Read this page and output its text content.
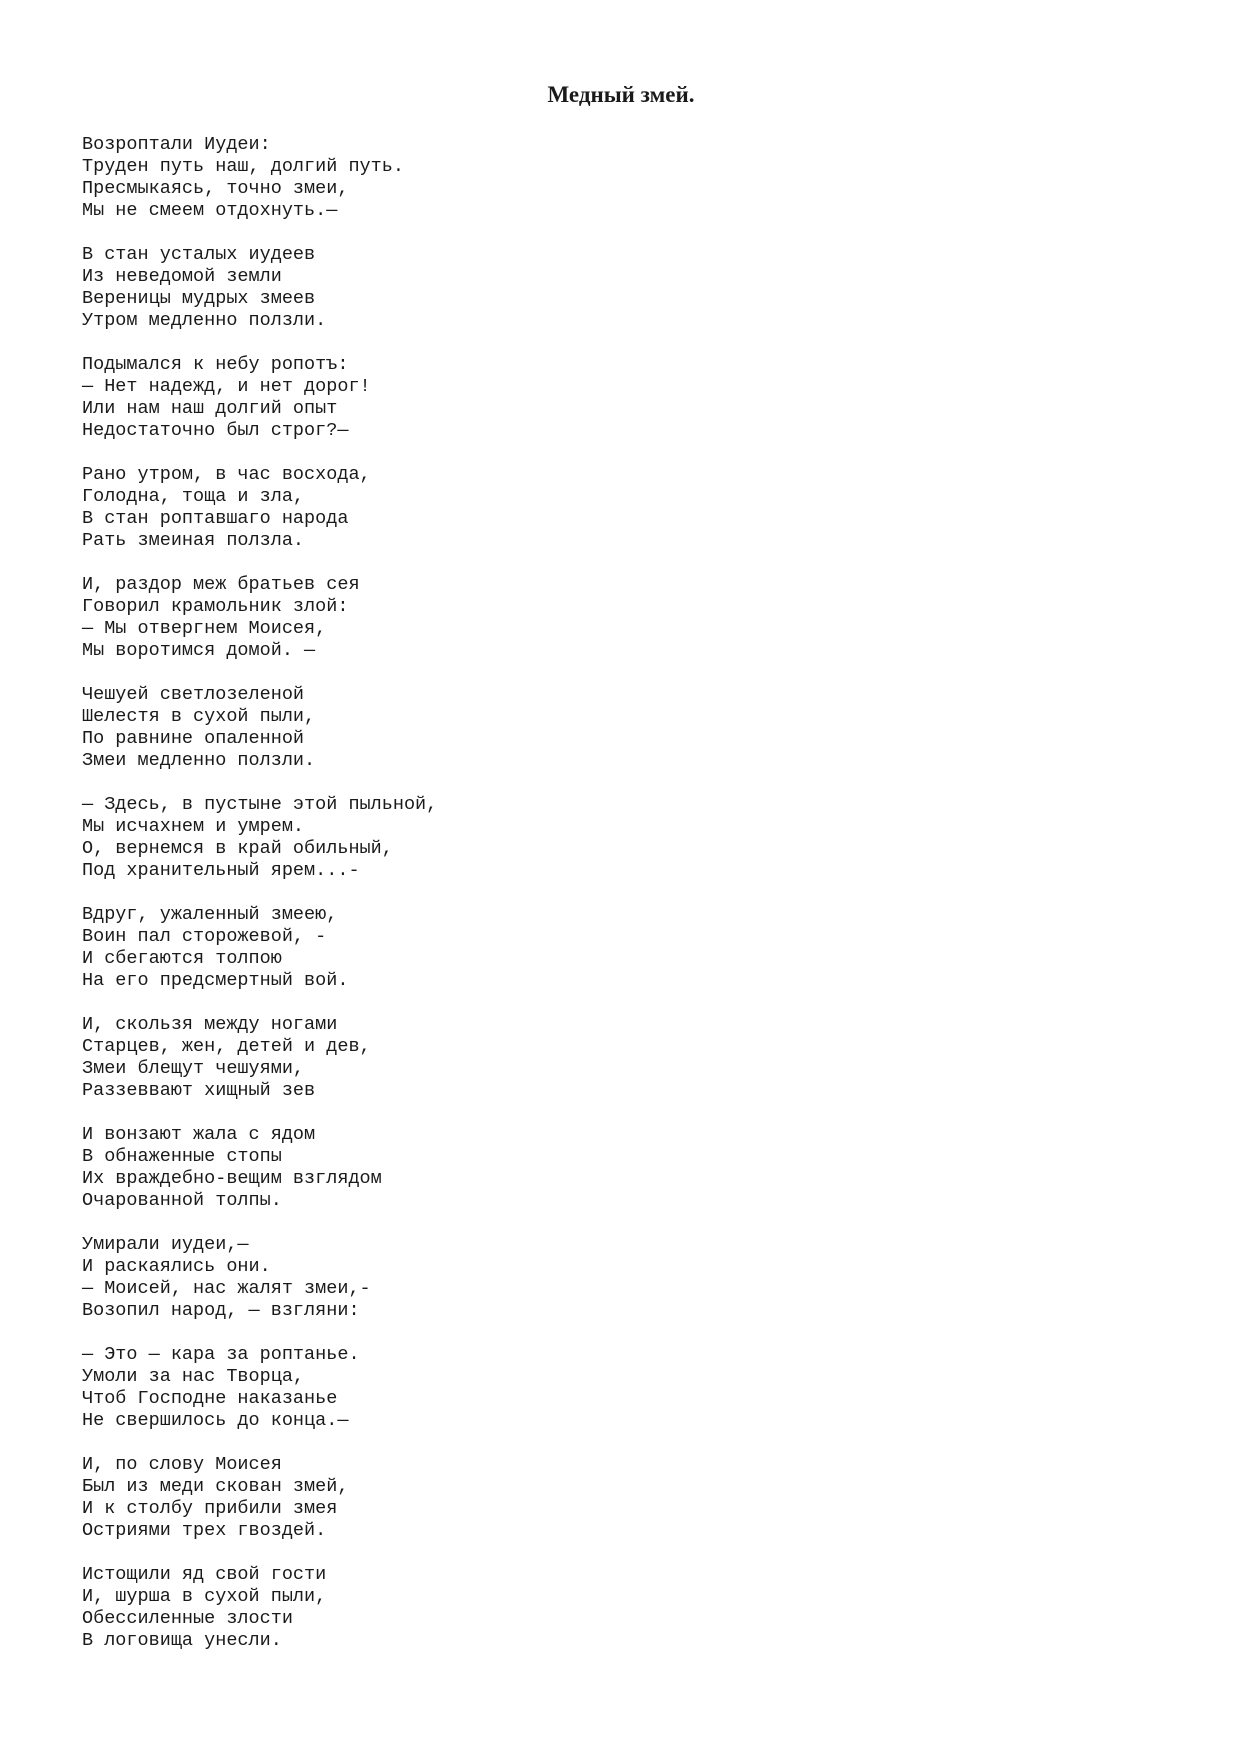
Медный змей.
Возроптали Иудеи:
Труден путь наш, долгий путь.
Пресмыкаясь, точно змеи,
Мы не смеем отдохнуть.—
В стан усталых иудеев
Из неведомой земли
Вереницы мудрых змеев
Утром медленно ползли.
Подымался к небу ропотъ:
— Нет надежд, и нет дорог!
Или нам наш долгий опыт
Недостаточно был строг?—
Рано утром, в час восхода,
Голодна, тоща и зла,
В стан роптавшаго народа
Рать змеиная ползла.
И, раздор меж братьев сея
Говорил крамольник злой:
— Мы отвергнем Моисея,
Мы воротимся домой. —
Чешуей светлозеленой
Шелестя в сухой пыли,
По равнине опаленной
Змеи медленно ползли.
— Здесь, в пустыне этой пыльной,
Мы исчахнем и умрем.
О, вернемся в край обильный,
Под хранительный ярем...-
Вдруг, ужаленный змеею,
Воин пал сторожевой, -
И сбегаются толпою
На его предсмертный вой.
И, скользя между ногами
Старцев, жен, детей и дев,
Змеи блещут чешуями,
Раззеввают хищный зев
И вонзают жала с ядом
В обнаженные стопы
Их враждебно-вещим взглядом
Очарованной толпы.
Умирали иудеи,—
И раскаялись они.
— Моисей, нас жалят змеи,-
Возопил народ, — взгляни:
— Это — кара за роптанье.
Умоли за нас Творца,
Чтоб Господне наказанье
Не свершилось до конца.—
И, по слову Моисея
Был из меди скован змей,
И к столбу прибили змея
Остриями трех гвоздей.
Истощили яд свой гости
И, шурша в сухой пыли,
Обессиленные злости
В логовища унесли.
